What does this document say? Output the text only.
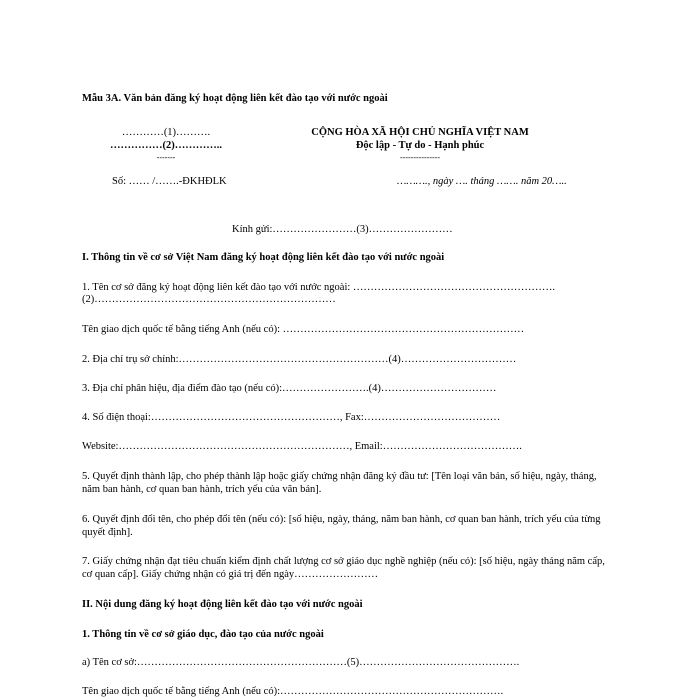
Mẫu 3A. Văn bản đăng ký hoạt động liên kết đào tạo với nước ngoài
…………(1)……….
……………(2)…………..
-------
CỘNG HÒA XÃ HỘI CHỦ NGHĨA VIỆT NAM
Độc lập - Tự do - Hạnh phúc
---------------
Số: …… /…….-ĐKHĐLK	………., ngày …. tháng ……. năm 20…..
Kính gửi:……………………(3)……………………
I. Thông tin về cơ sở Việt Nam đăng ký hoạt động liên kết đào tạo với nước ngoài
1. Tên cơ sở đăng ký hoạt động liên kết đào tạo với nước ngoài: ………………………………………………….
(2)……………………………………………………………
Tên giao dịch quốc tế bằng tiếng Anh (nếu có): ……………………………………………………………
2. Địa chỉ trụ sở chính:……………………………………………………(4)……………………………
3. Địa chỉ phân hiệu, địa điểm đào tạo (nếu có):…………………….(4)……………………………
4. Số điện thoại:………………………………………………, Fax:…………………………………
Website:…………………………………………………………, Email:………………………………….
5. Quyết định thành lập, cho phép thành lập hoặc giấy chứng nhận đăng ký đầu tư: [Tên loại văn bản, số hiệu, ngày, tháng, năm ban hành, cơ quan ban hành, trích yếu của văn bản].
6. Quyết định đổi tên, cho phép đổi tên (nếu có): [số hiệu, ngày, tháng, năm ban hành, cơ quan ban hành, trích yếu của từng quyết định].
7. Giấy chứng nhận đạt tiêu chuẩn kiểm định chất lượng cơ sở giáo dục nghề nghiệp (nếu có): [số hiệu, ngày tháng năm cấp, cơ quan cấp]. Giấy chứng nhận có giá trị đến ngày……………………
II. Nội dung đăng ký hoạt động liên kết đào tạo với nước ngoài
1. Thông tin về cơ sở giáo dục, đào tạo của nước ngoài
a) Tên cơ sở:……………………………………………………(5)……………………………………….
Tên giao dịch quốc tế bằng tiếng Anh (nếu có):……………………………………………………….
